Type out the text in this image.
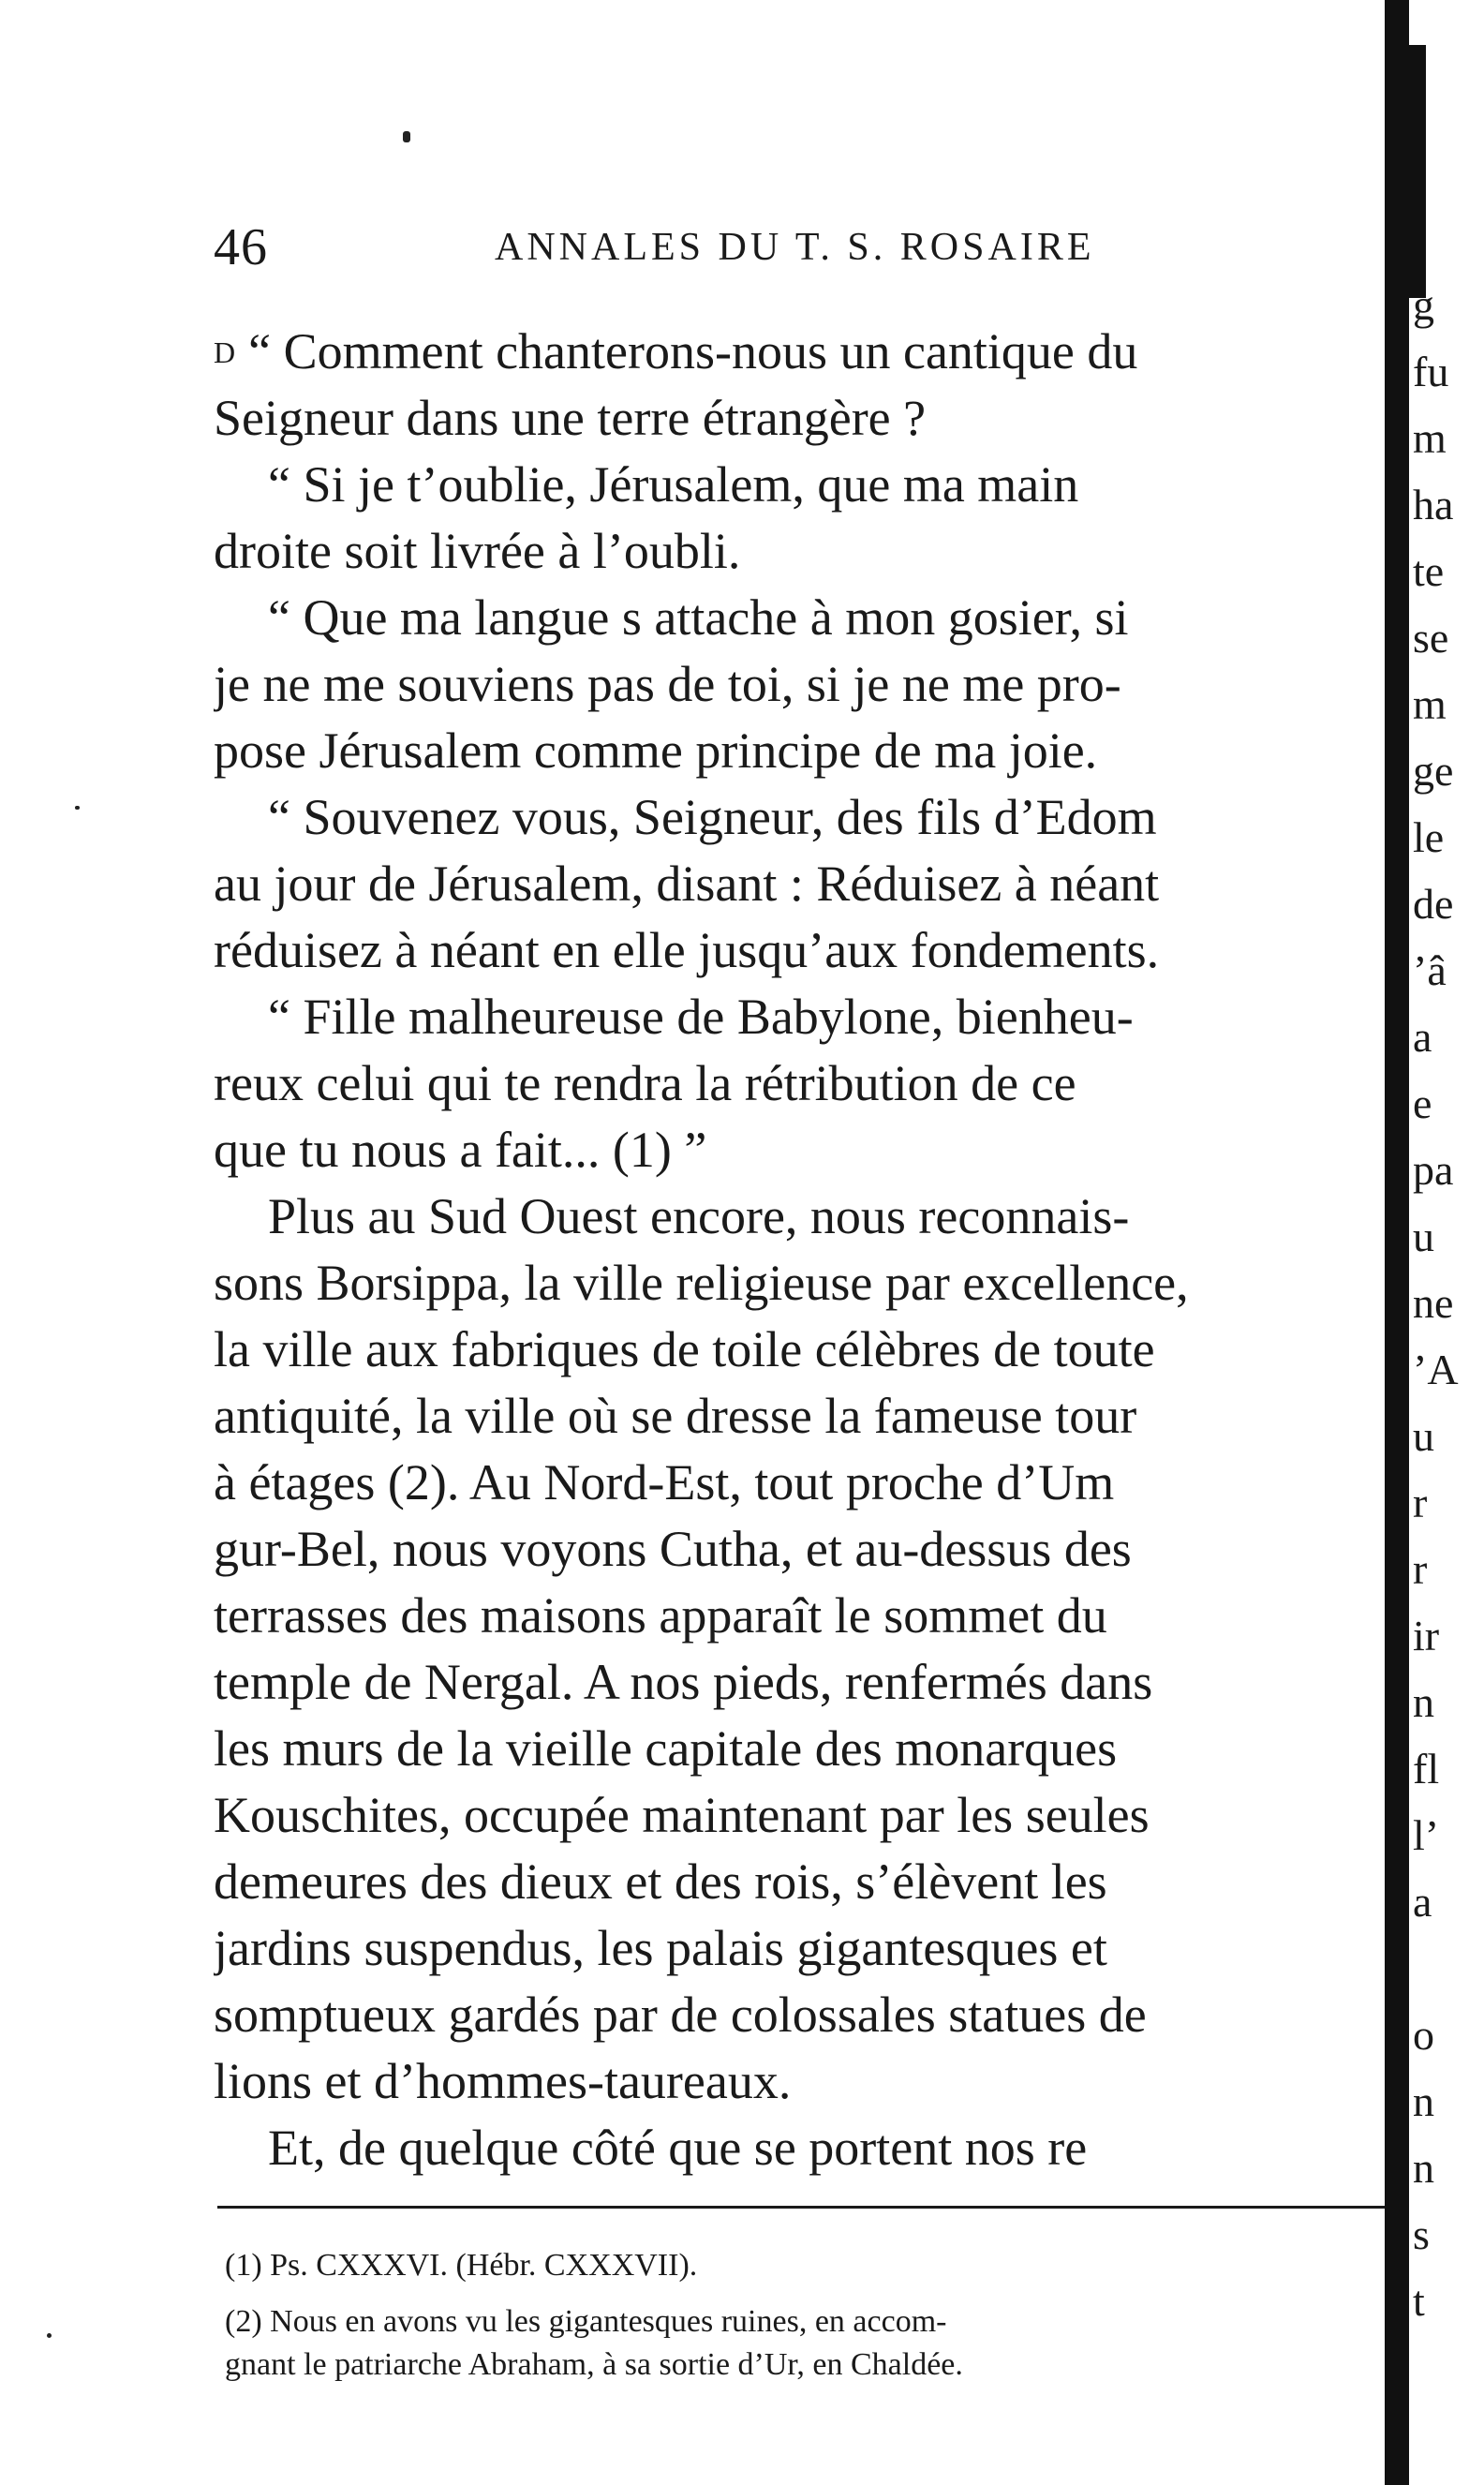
46	ANNALES DU T. S. ROSAIRE
D “ Comment chanterons-nous un cantique du
Seigneur dans une terre étrangère ?
“ Si je t’oublie, Jérusalem, que ma main
droite soit livrée à l’oubli.
“ Que ma langue s attache à mon gosier, si
je ne me souviens pas de toi, si je ne me pro-
pose Jérusalem comme principe de ma joie.
“ Souvenez vous, Seigneur, des fils d’Edom
au jour de Jérusalem, disant : Réduisez à néant
réduisez à néant en elle jusqu’aux fondements.
“ Fille malheureuse de Babylone, bienheu-
reux celui qui te rendra la rétribution de ce
que tu nous a fait... (1) ”
Plus au Sud Ouest encore, nous reconnais-
sons Borsippa, la ville religieuse par excellence,
la ville aux fabriques de toile célèbres de toute
antiquité, la ville où se dresse la fameuse tour
à étages (2). Au Nord-Est, tout proche d’Um
gur-Bel, nous voyons Cutha, et au-dessus des
terrasses des maisons apparaît le sommet du
temple de Nergal. A nos pieds, renfermés dans
les murs de la vieille capitale des monarques
Kouschites, occupée maintenant par les seules
demeures des dieux et des rois, s’élèvent les
jardins suspendus, les palais gigantesques et
somptueux gardés par de colossales statues de
lions et d’hommes-taureaux.
Et, de quelque côté que se portent nos re
(1) Ps. CXXXVI. (Hébr. CXXXVII).
(2) Nous en avons vu les gigantesques ruines, en accom-
gnant le patriarche Abraham, à sa sortie d’Ur, en Chaldée.
g
fu
m
ha
te
se
m
ge
le
de
’â
a
e
pa
u
ne
’A
u
r
r
ir
n
fl
l’
a
o
n
n
s
t
